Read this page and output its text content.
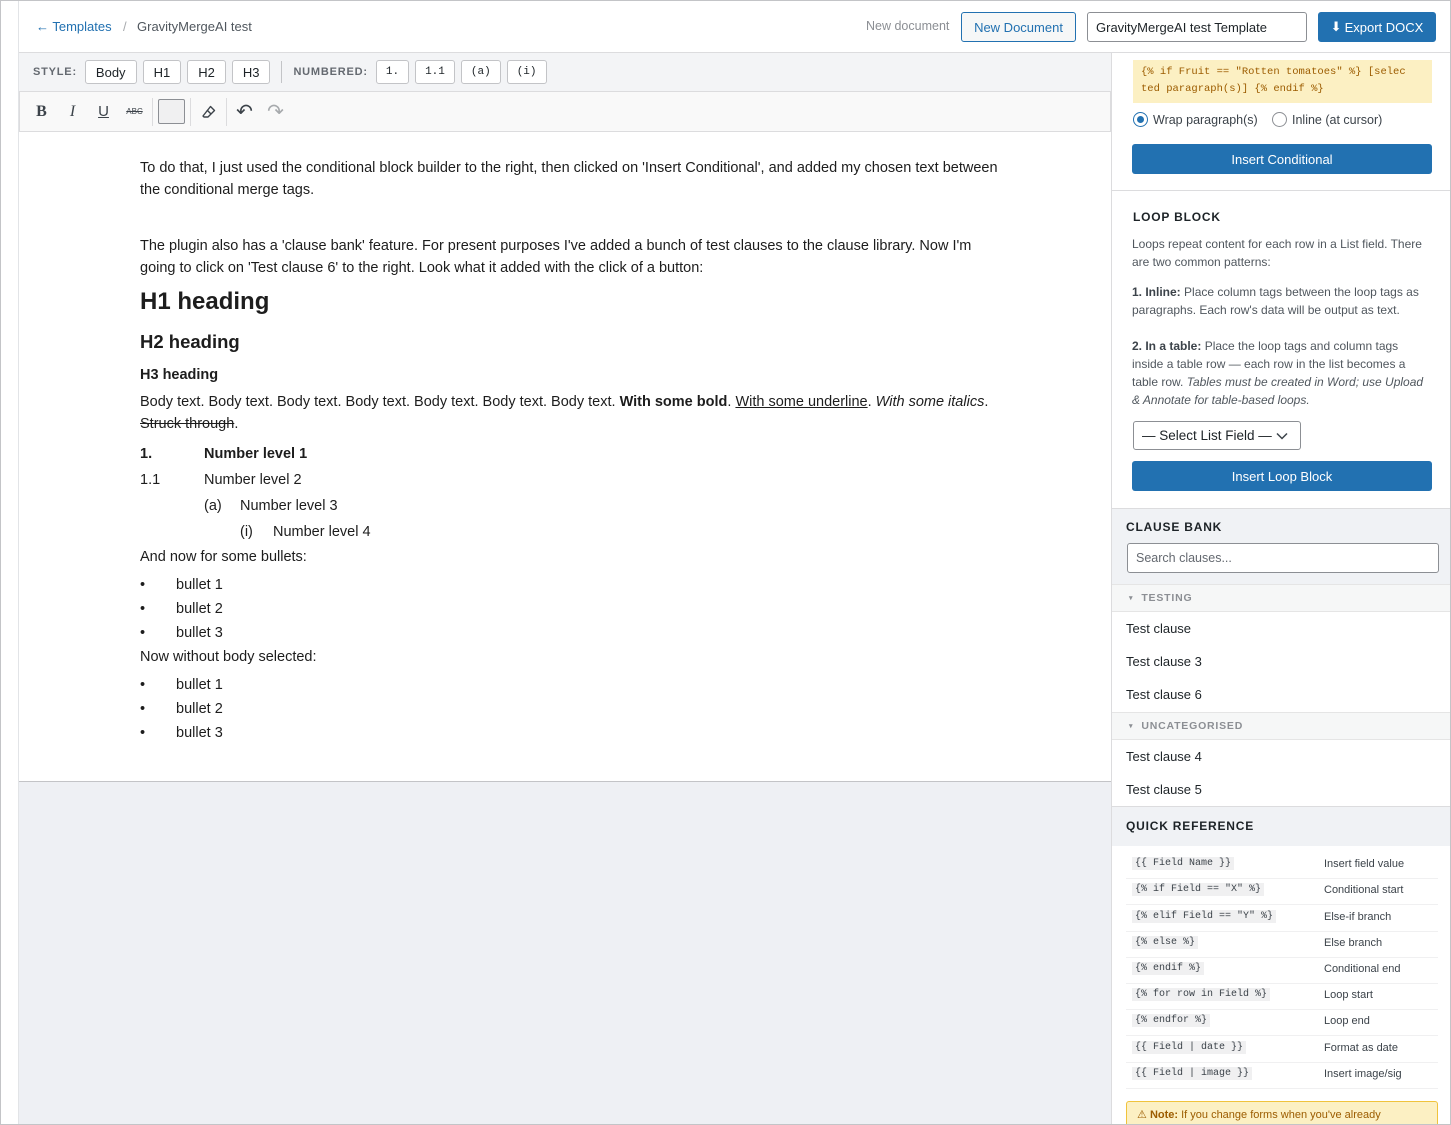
← Templates / GravityMergeAI test	New document	New Document
GravityMergeAI test Template	⬇ Export DOCX
STYLE:	Body	H1	H2	H3	NUMBERED:	1.	1.1	(a)	(i)
B I U ABC	↶ ↷
To do that, I just used the conditional block builder to the right, then clicked on 'Insert Conditional', and added my chosen text between the conditional merge tags.
The plugin also has a 'clause bank' feature. For present purposes I've added a bunch of test clauses to the clause library. Now I'm going to click on 'Test clause 6' to the right. Look what it added with the click of a button:
H1 heading
H2 heading
H3 heading
Body text. Body text. Body text. Body text. Body text. Body text. Body text. With some bold. With some underline. With some italics. Struck through.
1.	Number level 1
1.1	Number level 2
(a) Number level 3
(i) Number level 4
And now for some bullets:
• bullet 1
• bullet 2
• bullet 3
Now without body selected:
• bullet 1
• bullet 2
• bullet 3
{% if Fruit == "Rotten tomatoes" %} [selec
ted paragraph(s)] {% endif %}
Wrap paragraph(s)	Inline (at cursor)
Insert Conditional
LOOP BLOCK
Loops repeat content for each row in a List field. There are two common patterns:
1. Inline: Place column tags between the loop tags as paragraphs. Each row's data will be output as text.
2. In a table: Place the loop tags and column tags inside a table row — each row in the list becomes a table row. Tables must be created in Word; use Upload & Annotate for table-based loops.
— Select List Field —
Insert Loop Block
CLAUSE BANK
Search clauses...
▾ TESTING
Test clause
Test clause 3
Test clause 6
▾ UNCATEGORISED
Test clause 4
Test clause 5
QUICK REFERENCE
{{ Field Name }}	Insert field value
{% if Field == "X" %}	Conditional start
{% elif Field == "Y" %}	Else-if branch
{% else %}	Else branch
{% endif %}	Conditional end
{% for row in Field %}	Loop start
{% endfor %}	Loop end
{{ Field | date }}	Format as date
{{ Field | image }}	Insert image/sig
⚠ Note: If you change forms when you've already
